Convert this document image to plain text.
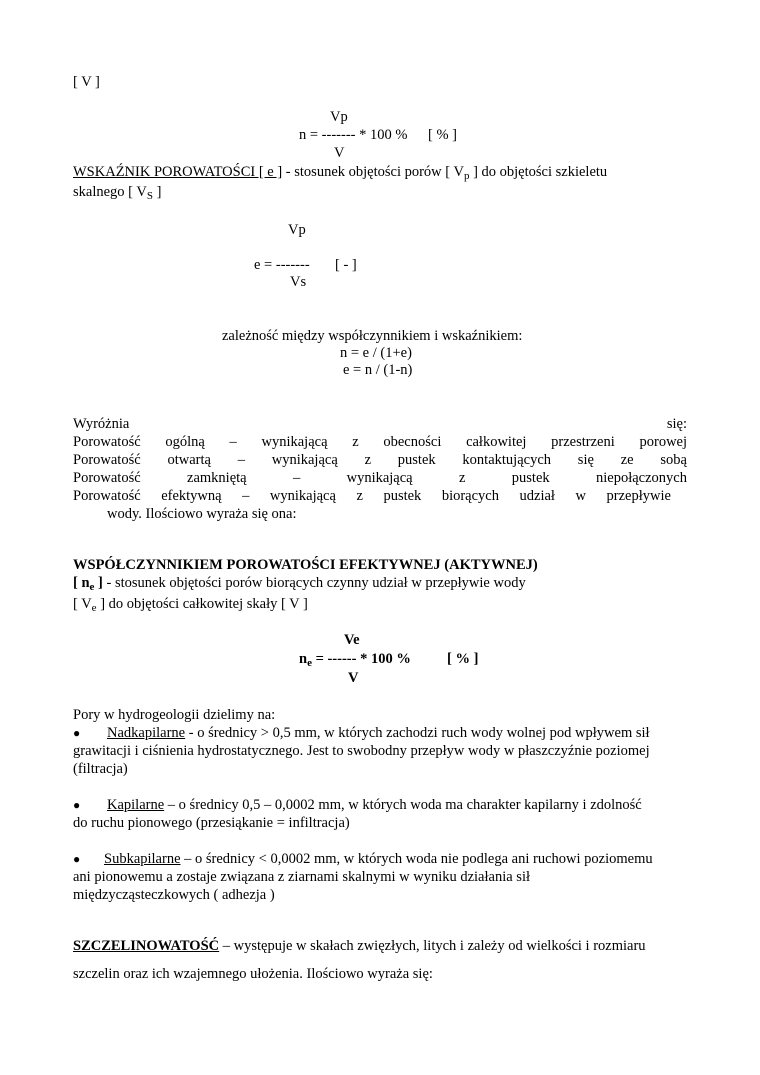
[ V ]
Vp
n = ------- * 100 % [ % ]
V
WSKAŹNIK POROWATOŚCI [ e ] - stosunek objętości porów [ $V_p$ ] do objętości szkieletu
skalnego [ $V_S$ ]
Vp
e = ------- [ - ]
Vs
zależność między współczynnikiem i wskaźnikiem:
n = e / (1+e)
e = n / (1-n)
Wyróżnia	się:
Porowatość ogólną – wynikającą z obecności całkowitej przestrzeni porowej
Porowatość otwartą – wynikającą z pustek kontaktujących się ze sobą
Porowatość	zamkniętą	–	wynikającą	z	pustek	niepołączonych
Porowatość efektywną – wynikającą z pustek biorących udział w przepływie
wody. Ilościowo wyraża się ona:
WSPÓŁCZYNNIKIEM POROWATOŚCI EFEKTYWNEJ (AKTYWNEJ)
[ $n_e$ ] - stosunek objętości porów biorących czynny udział w przepływie wody
[ $V_e$ ] do objętości całkowitej skały [ V ]
Ve
$n_e$ = ------ * 100 % [ % ]
V
Pory w hydrogeologii dzielimy na:
● Nadkapilarne - o średnicy > 0,5 mm, w których zachodzi ruch wody wolnej pod wpływem sił
grawitacji i ciśnienia hydrostatycznego. Jest to swobodny przepływ wody w płaszczyźnie poziomej
(filtracja)
● Kapilarne – o średnicy 0,5 – 0,0002 mm, w których woda ma charakter kapilarny i zdolność
do ruchu pionowego (przesiąkanie = infiltracja)
● Subkapilarne – o średnicy < 0,0002 mm, w których woda nie podlega ani ruchowi poziomemu
ani pionowemu a zostaje związana z ziarnami skalnymi w wyniku działania sił
międzycząsteczkowych ( adhezja )
SZCZELINOWATOŚĆ – występuje w skałach zwięzłych, litych i zależy od wielkości i rozmiaru
szczelin oraz ich wzajemnego ułożenia. Ilościowo wyraża się:
